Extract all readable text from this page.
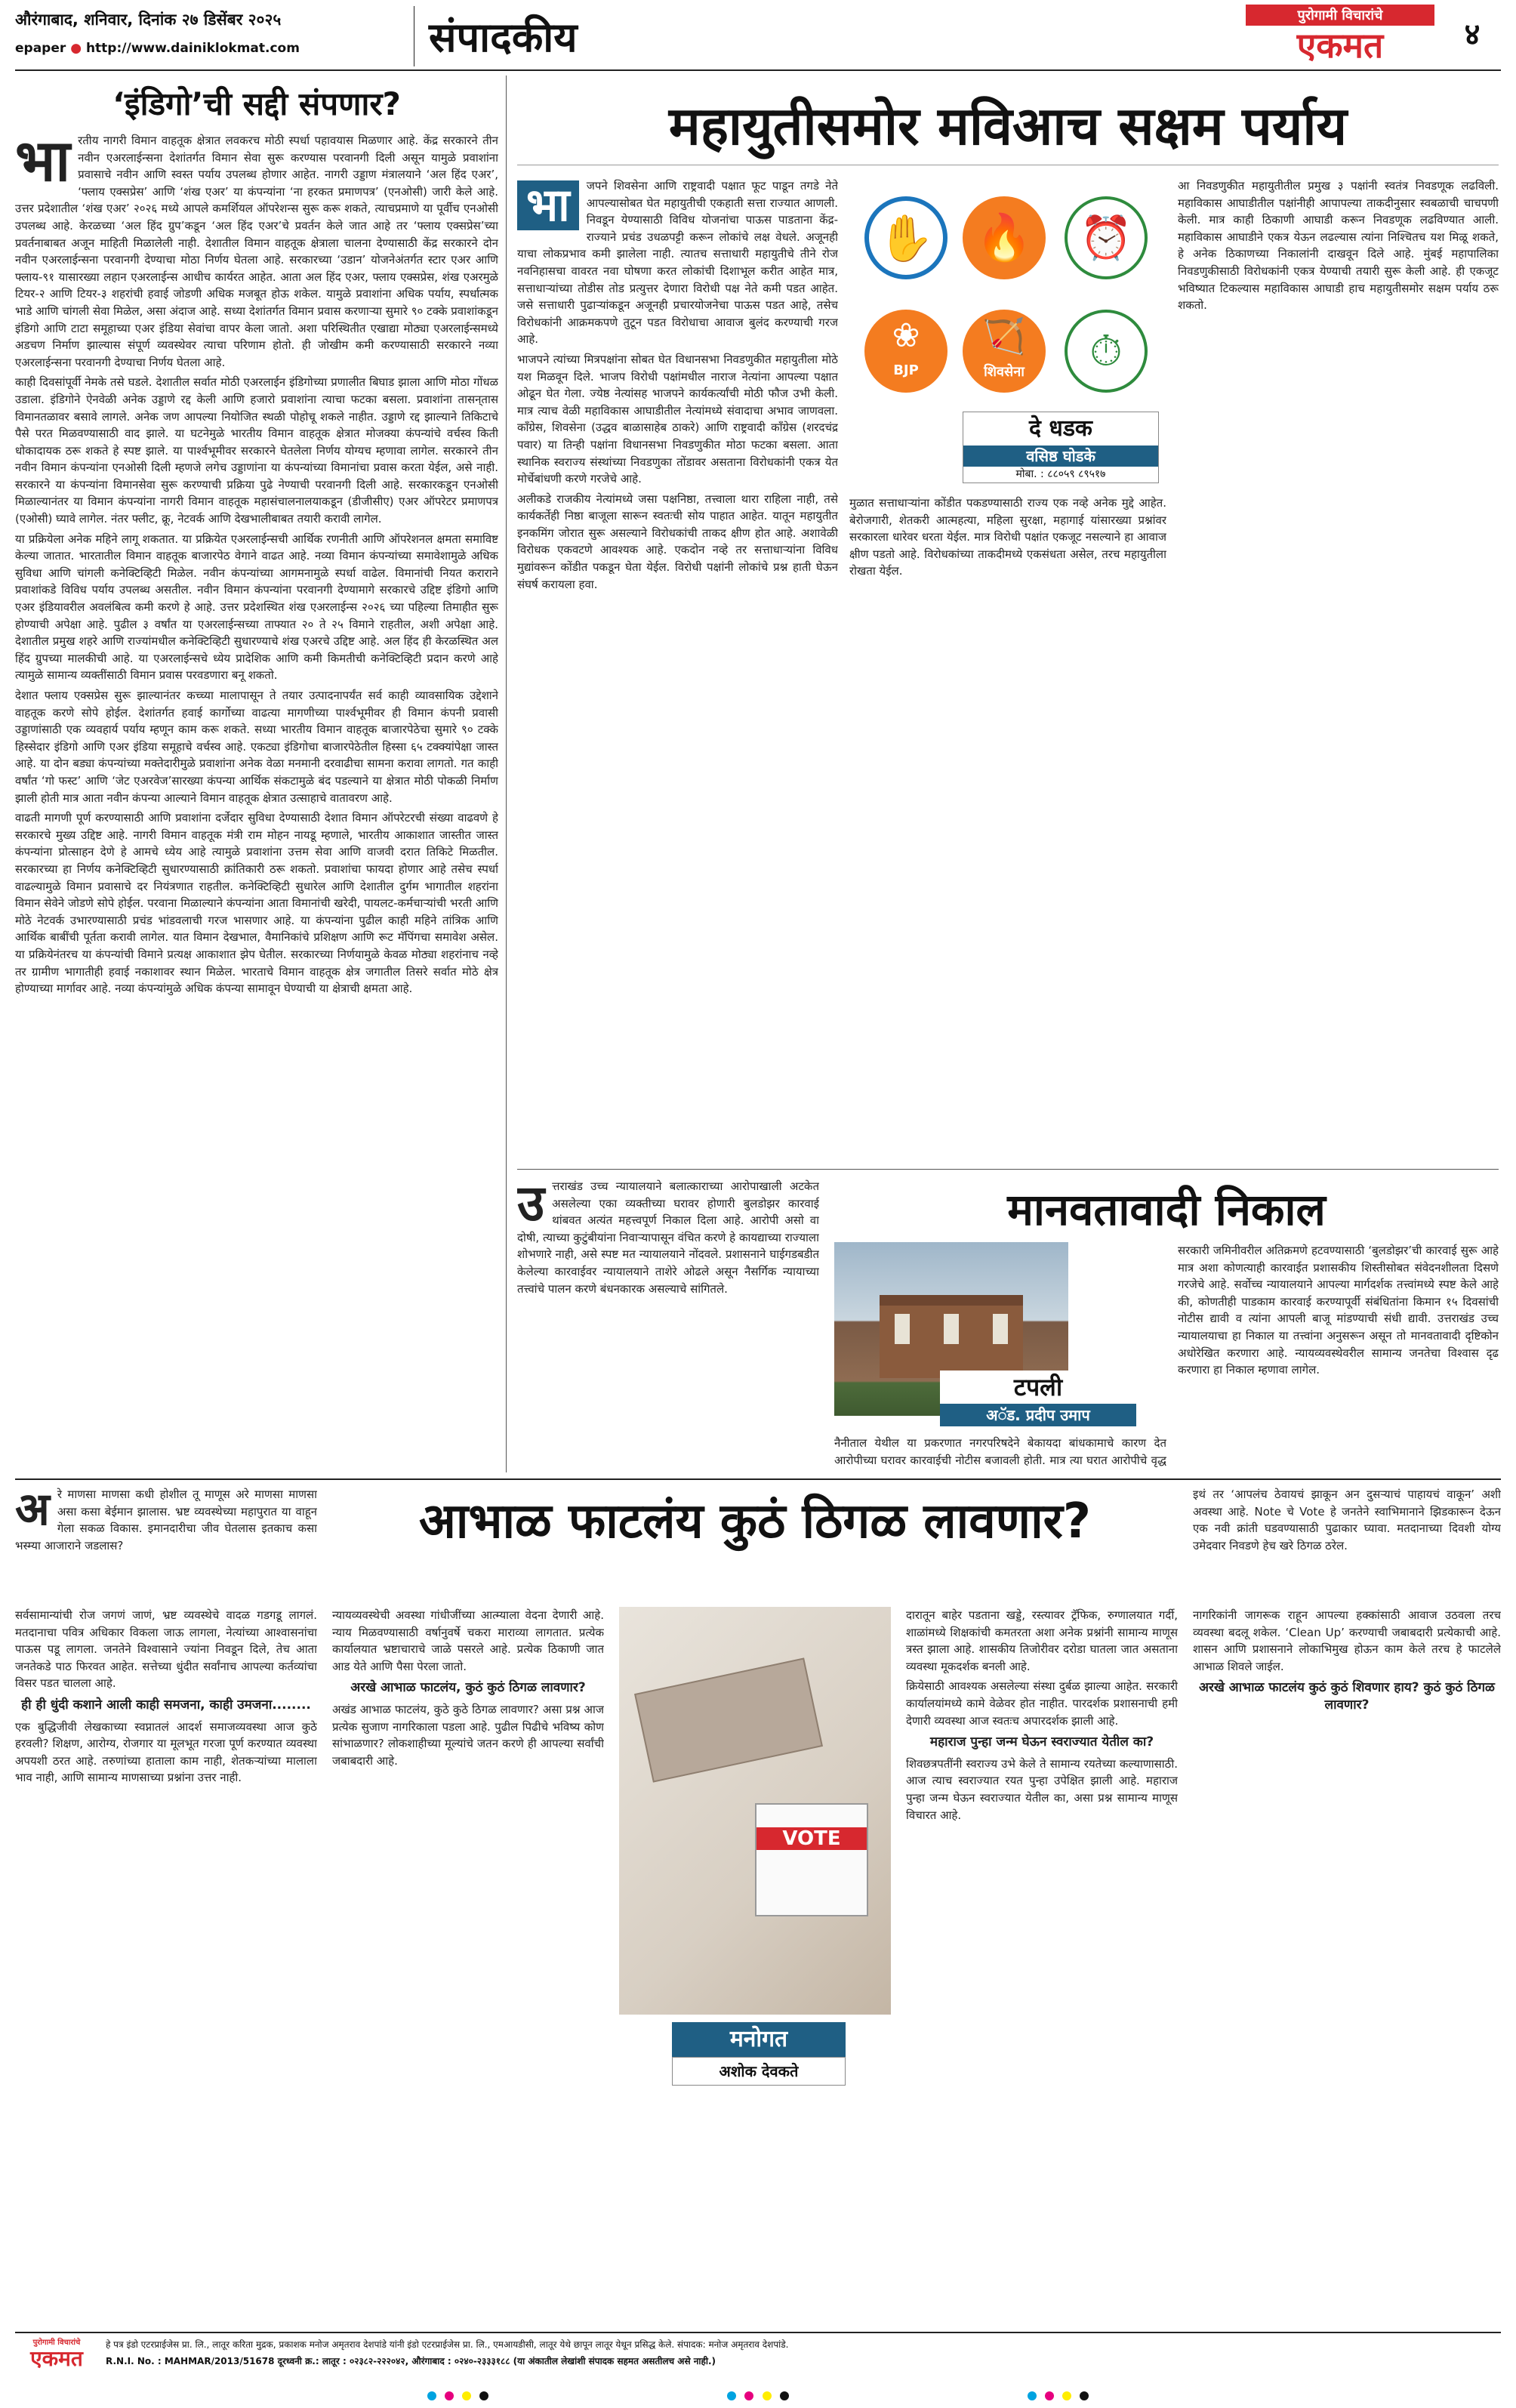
औरंगाबाद, शनिवार, दिनांक २७ डिसेंबर २०२५
epaper ● http://www.dainiklokmat.com	संपादकीय	पुरोगामी विचारांचे
एकमत	४
‘इंडिगो’ची सद्दी संपणार?
भा रतीय नागरी विमान वाहतूक क्षेत्रात लवकरच मोठी स्पर्धा पहावयास मिळणार आहे. केंद्र सरकारने तीन नवीन एअरलाईन्सना देशांतर्गत विमान सेवा सुरू करण्यास परवानगी दिली असून यामुळे प्रवाशांना प्रवासाचे नवीन आणि स्वस्त पर्याय उपलब्ध होणार आहेत. नागरी उड्डाण मंत्रालयाने ‘अल हिंद एअर’, ‘फ्लाय एक्सप्रेस’ आणि ‘शंख एअर’ या कंपन्यांना ‘ना हरकत प्रमाणपत्र’ (एनओसी) जारी केले आहे. उत्तर प्रदेशातील ‘शंख एअर’ २०२६ मध्ये आपले कमर्शियल ऑपरेशन्स सुरू करू शकते, त्याचप्रमाणे या पूर्वीच एनओसी उपलब्ध आहे. केरळच्या ‘अल हिंद ग्रुप’कडून ‘अल हिंद एअर’चे प्रवर्तन केले जात आहे तर ‘फ्लाय एक्सप्रेस’च्या प्रवर्तनाबाबत अजून माहिती मिळालेली नाही. देशातील विमान वाहतूक क्षेत्राला चालना देण्यासाठी केंद्र सरकारने दोन नवीन एअरलाईन्सना परवानगी देण्याचा मोठा निर्णय घेतला आहे. सरकारच्या ‘उडान’ योजनेअंतर्गत स्टार एअर आणि फ्लाय-९१ यासारख्या लहान एअरलाईन्स आधीच कार्यरत आहेत. आता अल हिंद एअर, फ्लाय एक्सप्रेस, शंख एअरमुळे टियर-२ आणि टियर-३ शहरांची हवाई जोडणी अधिक मजबूत होऊ शकेल. यामुळे प्रवाशांना अधिक पर्याय, स्पर्धात्मक भाडे आणि चांगली सेवा मिळेल, असा अंदाज आहे. सध्या देशांतर्गत विमान प्रवास करणाऱ्या सुमारे ९० टक्के प्रवाशांकडून इंडिगो आणि टाटा समूहाच्या एअर इंडिया सेवांचा वापर केला जातो. अशा परिस्थितीत एखाद्या मोठ्या एअरलाईन्समध्ये अडचण निर्माण झाल्यास संपूर्ण व्यवस्थेवर त्याचा परिणाम होतो. ही जोखीम कमी करण्यासाठी सरकारने नव्या एअरलाईन्सना परवानगी देण्याचा निर्णय घेतला आहे.

काही दिवसांपूर्वी नेमके तसे घडले. देशातील सर्वात मोठी एअरलाईन इंडिगोच्या प्रणालीत बिघाड झाला आणि मोठा गोंधळ उडाला. इंडिगोने ऐनवेळी अनेक उड्डाणे रद्द केली आणि हजारो प्रवाशांना त्याचा फटका बसला. प्रवाशांना तासन्‌तास विमानतळावर बसावे लागले. अनेक जण आपल्या नियोजित स्थळी पोहोचू शकले नाहीत. उड्डाणे रद्द झाल्याने तिकिटाचे पैसे परत मिळवण्यासाठी वाद झाले. या घटनेमुळे भारतीय विमान वाहतूक क्षेत्रात मोजक्या कंपन्यांचे वर्चस्व किती धोकादायक ठरू शकते हे स्पष्ट झाले. या पार्श्वभूमीवर सरकारने घेतलेला निर्णय योग्यच म्हणावा लागेल. सरकारने तीन नवीन विमान कंपन्यांना एनओसी दिली म्हणजे लगेच उड्डाणांना या कंपन्यांच्या विमानांचा प्रवास करता येईल, असे नाही. सरकारने या कंपन्यांना विमानसेवा सुरू करण्याची प्रक्रिया पुढे नेण्याची परवानगी दिली आहे. सरकारकडून एनओसी मिळाल्यानंतर या विमान कंपन्यांना नागरी विमान वाहतूक महासंचालनालयाकडून (डीजीसीए) एअर ऑपरेटर प्रमाणपत्र (एओसी) घ्यावे लागेल. नंतर फ्लीट, क्रू, नेटवर्क आणि देखभालीबाबत तयारी करावी लागेल.

या प्रक्रियेला अनेक महिने लागू शकतात. या प्रक्रियेत एअरलाईन्सची आर्थिक रणनीती आणि ऑपरेशनल क्षमता समाविष्ट केल्या जातात. भारतातील विमान वाहतूक बाजारपेठ वेगाने वाढत आहे. नव्या विमान कंपन्यांच्या समावेशामुळे अधिक सुविधा आणि चांगली कनेक्टिव्हिटी मिळेल. नवीन कंपन्यांच्या आगमनामुळे स्पर्धा वाढेल. विमानांची नियत कराराने प्रवाशांकडे विविध पर्याय उपलब्ध असतील. नवीन विमान कंपन्यांना परवानगी देण्यामागे सरकारचे उद्दिष्ट इंडिगो आणि एअर इंडियावरील अवलंबित्व कमी करणे हे आहे. उत्तर प्रदेशस्थित शंख एअरलाईन्स २०२६ च्या पहिल्या तिमाहीत सुरू होण्याची अपेक्षा आहे. पुढील ३ वर्षांत या एअरलाईन्सच्या ताफ्यात २० ते २५ विमाने राहतील, अशी अपेक्षा आहे. देशातील प्रमुख शहरे आणि राज्यांमधील कनेक्टिव्हिटी सुधारण्याचे शंख एअरचे उद्दिष्ट आहे. अल हिंद ही केरळस्थित अल हिंद ग्रुपच्या मालकीची आहे. या एअरलाईन्सचे ध्येय प्रादेशिक आणि कमी किमतीची कनेक्टिव्हिटी प्रदान करणे आहे त्यामुळे सामान्य व्यक्तींसाठी विमान प्रवास परवडणारा बनू शकतो.

देशात फ्लाय एक्सप्रेस सुरू झाल्यानंतर कच्च्या मालापासून ते तयार उत्पादनापर्यंत सर्व काही व्यावसायिक उद्देशाने वाहतूक करणे सोपे होईल. देशांतर्गत हवाई कार्गोच्या वाढत्या मागणीच्या पार्श्वभूमीवर ही विमान कंपनी प्रवासी उड्डाणांसाठी एक व्यवहार्य पर्याय म्हणून काम करू शकते. सध्या भारतीय विमान वाहतूक बाजारपेठेचा सुमारे ९० टक्के हिस्सेदार इंडिगो आणि एअर इंडिया समूहाचे वर्चस्व आहे. एकट्या इंडिगोचा बाजारपेठेतील हिस्सा ६५ टक्क्यांपेक्षा जास्त आहे. या दोन बड्या कंपन्यांच्या मक्तेदारीमुळे प्रवाशांना अनेक वेळा मनमानी दरवाढीचा सामना करावा लागतो. गत काही वर्षांत ‘गो फस्ट’ आणि ‘जेट एअरवेज’सारख्या कंपन्या आर्थिक संकटामुळे बंद पडल्याने या क्षेत्रात मोठी पोकळी निर्माण झाली होती मात्र आता नवीन कंपन्या आल्याने विमान वाहतूक क्षेत्रात उत्साहाचे वातावरण आहे.

वाढती मागणी पूर्ण करण्यासाठी आणि प्रवाशांना दर्जेदार सुविधा देण्यासाठी देशात विमान ऑपरेटरची संख्या वाढवणे हे सरकारचे मुख्य उद्दिष्ट आहे. नागरी विमान वाहतूक मंत्री राम मोहन नायडू म्हणाले, भारतीय आकाशात जास्तीत जास्त कंपन्यांना प्रोत्साहन देणे हे आमचे ध्येय आहे त्यामुळे प्रवाशांना उत्तम सेवा आणि वाजवी दरात तिकिटे मिळतील. सरकारच्या हा निर्णय कनेक्टिव्हिटी सुधारण्यासाठी क्रांतिकारी ठरू शकतो. प्रवाशांचा फायदा होणार आहे तसेच स्पर्धा वाढल्यामुळे विमान प्रवासाचे दर नियंत्रणात राहतील. कनेक्टिव्हिटी सुधारेल आणि देशातील दुर्गम भागातील शहरांना विमान सेवेने जोडणे सोपे होईल. परवाना मिळाल्याने कंपन्यांना आता विमानांची खरेदी, पायलट-कर्मचाऱ्यांची भरती आणि मोठे नेटवर्क उभारण्यासाठी प्रचंड भांडवलाची गरज भासणार आहे. या कंपन्यांना पुढील काही महिने तांत्रिक आणि आर्थिक बाबींची पूर्तता करावी लागेल. यात विमान देखभाल, वैमानिकांचे प्रशिक्षण आणि रूट मॅपिंगचा समावेश असेल. या प्रक्रियेनंतरच या कंपन्यांची विमाने प्रत्यक्ष आकाशात झेप घेतील. सरकारच्या निर्णयामुळे केवळ मोठ्या शहरांनाच नव्हे तर ग्रामीण भागातीही हवाई नकाशावर स्थान मिळेल. भारताचे विमान वाहतूक क्षेत्र जगातील तिसरे सर्वात मोठे क्षेत्र होण्याच्या मार्गावर आहे. नव्या कंपन्यांमुळे अधिक कंपन्या सामावून घेण्याची या क्षेत्राची क्षमता आहे.

महायुतीसमोर मविआच सक्षम पर्याय
भा	जपने शिवसेना आणि राष्ट्रवादी पक्षात फूट पाडून तगडे नेते आपल्यासोबत घेत महायुतीची एकहाती सत्ता राज्यात आणली. निवडून येण्यासाठी विविध योजनांचा पाऊस पाडताना केंद्र-राज्याने प्रचंड उधळपट्टी करून लोकांचे लक्ष वेधले. अजूनही याचा लोकप्रभाव कमी झालेला नाही. त्यातच सत्ताधारी महायुतीचे तीने रोज नवनिहासचा वावरत नवा घोषणा करत लोकांची दिशाभूल करीत आहेत मात्र, सत्ताधाऱ्यांच्या तोडीस तोड प्रत्युत्तर देणारा विरोधी पक्ष नेते कमी पडत आहेत. जसे सत्ताधारी पुढाऱ्यांकडून अजूनही प्रचारयोजनेचा पाऊस पडत आहे, तसेच विरोधकांनी आक्रमकपणे तुटून पडत विरोधाचा आवाज बुलंद करण्याची गरज आहे.

भाजपने त्यांच्या मित्रपक्षांना सोबत घेत विधानसभा निवडणुकीत महायुतीला मोठे यश मिळवून दिले. भाजप विरोधी पक्षांमधील नाराज नेत्यांना आपल्या पक्षात ओढून घेत गेला. ज्येष्ठ नेत्यांसह भाजपने कार्यकर्त्यांची मोठी फौज उभी केली. मात्र त्याच वेळी महाविकास आघाडीतील नेत्यांमध्ये संवादाचा अभाव जाणवला. काँग्रेस, शिवसेना (उद्धव बाळासाहेब ठाकरे) आणि राष्ट्रवादी काँग्रेस (शरदचंद्र पवार) या तिन्ही पक्षांना विधानसभा निवडणुकीत मोठा फटका बसला. आता स्थानिक स्वराज्य संस्थांच्या निवडणुका तोंडावर असताना विरोधकांनी एकत्र येत मोर्चेबांधणी करणे गरजेचे आहे.

अलीकडे राजकीय नेत्यांमध्ये जसा पक्षनिष्ठा, तत्त्वाला थारा राहिला नाही, तसे कार्यकर्तेही निष्ठा बाजूला सारून स्वतःची सोय पाहात आहेत. यातून महायुतीत इनकमिंग जोरात सुरू असल्याने विरोधकांची ताकद क्षीण होत आहे. अशावेळी विरोधक एकवटणे आवश्यक आहे. एकदोन नव्हे तर सत्ताधाऱ्यांना विविध मुद्यांवरून कोंडीत पकडून घेता येईल. विरोधी पक्षांनी लोकांचे प्रश्न हाती घेऊन संघर्ष करायला हवा.

✋ 🔥	⏰
❀
BJP
🏹
शिवसेना	⏱
दे धडक
वसिष्ठ घोडके
मोबा. : ८८०५९ ८९५१७

मुळात सत्ताधाऱ्यांना कोंडीत पकडण्यासाठी राज्य एक नव्हे अनेक मुद्दे आहेत. बेरोजगारी, शेतकरी आत्महत्या, महिला सुरक्षा, महागाई यांसारख्या प्रश्नांवर सरकारला धारेवर धरता येईल. मात्र विरोधी पक्षांत एकजूट नसल्याने हा आवाज क्षीण पडतो आहे. विरोधकांच्या ताकदीमध्ये एकसंधता असेल, तरच महायुतीला रोखता येईल.

आ निवडणुकीत महायुतीतील प्रमुख ३ पक्षांनी स्वतंत्र निवडणूक लढविली. महाविकास आघाडीतील पक्षांनीही आपापल्या ताकदीनुसार स्वबळाची चाचपणी केली. मात्र काही ठिकाणी आघाडी करून निवडणूक लढविण्यात आली. महाविकास आघाडीने एकत्र येऊन लढल्यास त्यांना निश्चितच यश मिळू शकते, हे अनेक ठिकाणच्या निकालांनी दाखवून दिले आहे. मुंबई महापालिका निवडणुकीसाठी विरोधकांनी एकत्र येण्याची तयारी सुरू केली आहे. ही एकजूट भविष्यात टिकल्यास महाविकास आघाडी हाच महायुतीसमोर सक्षम पर्याय ठरू शकतो.

उ त्तराखंड उच्च न्यायालयाने बलात्काराच्या आरोपाखाली अटकेत असलेल्या एका व्यक्तीच्या घरावर होणारी बुलडोझर कारवाई थांबवत अत्यंत महत्त्वपूर्ण निकाल दिला आहे. आरोपी असो वा दोषी, त्याच्या कुटुंबीयांना निवाऱ्यापासून वंचित करणे हे कायद्याच्या राज्याला शोभणारे नाही, असे स्पष्ट मत न्यायालयाने नोंदवले. प्रशासनाने घाईगडबडीत केलेल्या कारवाईवर न्यायालयाने ताशेरे ओढले असून नैसर्गिक न्यायाच्या तत्त्वांचे पालन करणे बंधनकारक असल्याचे सांगितले.

मानवतावादी निकाल
टपली
अॅड. प्रदीप उमाप

नैनीताल येथील या प्रकरणात नगरपरिषदेने बेकायदा बांधकामाचे कारण देत आरोपीच्या घरावर कारवाईची नोटीस बजावली होती. मात्र त्या घरात आरोपीचे वृद्ध

सरकारी जमिनीवरील अतिक्रमणे हटवण्यासाठी ‘बुलडोझर’ची कारवाई सुरू आहे मात्र अशा कोणत्याही कारवाईत प्रशासकीय शिस्तीसोबत संवेदनशीलता दिसणे गरजेचे आहे. सर्वोच्च न्यायालयाने आपल्या मार्गदर्शक तत्त्वांमध्ये स्पष्ट केले आहे की, कोणतीही पाडकाम कारवाई करण्यापूर्वी संबंधितांना किमान १५ दिवसांची नोटीस द्यावी व त्यांना आपली बाजू मांडण्याची संधी द्यावी. उत्तराखंड उच्च न्यायालयाचा हा निकाल या तत्त्वांना अनुसरून असून तो मानवतावादी दृष्टिकोन अधोरेखित करणारा आहे. न्यायव्यवस्थेवरील सामान्य जनतेचा विश्वास दृढ करणारा हा निकाल म्हणावा लागेल.

अ रे माणसा माणसा कधी होशील तू माणूस अरे माणसा माणसा असा कसा बेईमान झालास. भ्रष्ट व्यवस्थेच्या महापुरात या वाहून गेला सकळ विकास. इमानदारीचा जीव घेतलास इतकाच कसा भस्म्या आजाराने जडलास?	आभाळ फाटलंय कुठं ठिगळ लावणार?	इथं तर ‘आपलंच ठेवायचं झाकून अन दुसऱ्याचं पाहायचं वाकून’ अशी अवस्था आहे. Note चे Vote हे जनतेने स्वाभिमानाने झिडकारून देऊन एक नवी क्रांती घडवण्यासाठी पुढाकार घ्यावा. मतदानाच्या दिवशी योग्य उमेदवार निवडणे हेच खरे ठिगळ ठरेल.

सर्वसामान्यांची रोज जगणं जाणं, भ्रष्ट व्यवस्थेचे वादळ गडगडू लागलं. मतदानाचा पवित्र अधिकार विकला जाऊ लागला, नेत्यांच्या आश्वासनांचा पाऊस पडू लागला. जनतेने विश्वासाने ज्यांना निवडून दिले, तेच आता जनतेकडे पाठ फिरवत आहेत. सत्तेच्या धुंदीत सर्वांनाच आपल्या कर्तव्यांचा विसर पडत चालला आहे.

ही ही धुंदी कशाने आली काही समजना, काही उमजना........

एक बुद्धिजीवी लेखकाच्या स्वप्नातलं आदर्श समाजव्यवस्था आज कुठे हरवली? शिक्षण, आरोग्य, रोजगार या मूलभूत गरजा पूर्ण करण्यात व्यवस्था अपयशी ठरत आहे. तरुणांच्या हाताला काम नाही, शेतकऱ्यांच्या मालाला भाव नाही, आणि सामान्य माणसाच्या प्रश्नांना उत्तर नाही.

न्यायव्यवस्थेची अवस्था गांधीजींच्या आत्म्याला वेदना देणारी आहे. न्याय मिळवण्यासाठी वर्षानुवर्षे चकरा माराव्या लागतात. प्रत्येक कार्यालयात भ्रष्टाचाराचे जाळे पसरले आहे. प्रत्येक ठिकाणी जात आड येते आणि पैसा पेरला जातो.

अरखे आभाळ फाटलंय, कुठं कुठं ठिगळ लावणार?

अखंड आभाळ फाटलंय, कुठे कुठे ठिगळ लावणार? असा प्रश्न आज प्रत्येक सुजाण नागरिकाला पडला आहे. पुढील पिढीचे भविष्य कोण सांभाळणार? लोकशाहीच्या मूल्यांचे जतन करणे ही आपल्या सर्वांची जबाबदारी आहे.

VOTE
मनोगत
अशोक देवकते

दारातून बाहेर पडताना खड्डे, रस्त्यावर ट्रॅफिक, रुग्णालयात गर्दी, शाळांमध्ये शिक्षकांची कमतरता अशा अनेक प्रश्नांनी सामान्य माणूस त्रस्त झाला आहे. शासकीय तिजोरीवर दरोडा घातला जात असताना व्यवस्था मूकदर्शक बनली आहे.

क्रियेसाठी आवश्यक असलेल्या संस्था दुर्बळ झाल्या आहेत. सरकारी कार्यालयांमध्ये कामे वेळेवर होत नाहीत. पारदर्शक प्रशासनाची हमी देणारी व्यवस्था आज स्वतःच अपारदर्शक झाली आहे.

महाराज पुन्हा जन्म घेऊन स्वराज्यात येतील का?

शिवछत्रपतींनी स्वराज्य उभे केले ते सामान्य रयतेच्या कल्याणासाठी. आज त्याच स्वराज्यात रयत पुन्हा उपेक्षित झाली आहे. महाराज पुन्हा जन्म घेऊन स्वराज्यात येतील का, असा प्रश्न सामान्य माणूस विचारत आहे.

नागरिकांनी जागरूक राहून आपल्या हक्कांसाठी आवाज उठवला तरच व्यवस्था बदलू शकेल. ‘Clean Up’ करण्याची जबाबदारी प्रत्येकाची आहे. शासन आणि प्रशासनाने लोकाभिमुख होऊन काम केले तरच हे फाटलेले आभाळ शिवले जाईल.

अरखे आभाळ फाटलंय कुठं कुठं शिवणार हाय? कुठं कुठं ठिगळ लावणार?
पुरोगामी विचारांचे
एकमत
हे पत्र इंडो एटरप्राईजेस प्रा. लि., लातूर करिता मुद्रक, प्रकाशक मनोज अमृतराव देशपांडे यांनी इंडो एटरप्राईजेस प्रा. लि., एमआयडीसी, लातूर येथे छापून लातूर येथून प्रसिद्ध केले. संपादक: मनोज अमृतराव देशपांडे.
R.N.I. No. : MAHMAR/2013/51678 दूरध्वनी क्र.: लातूर : ०२३८२-२२२०४२, औरंगाबाद : ०२४०-२३३३१८८ (या अंकातील लेखांशी संपादक सहमत असतीलच असे नाही.)
